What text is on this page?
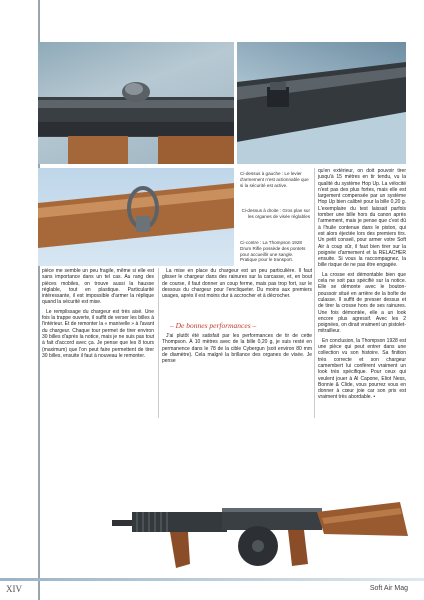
Ci-dessus à gauche : Le levier d'armement n'est actionnable que si la sécurité est active.
Ci-dessus à droite : Gros plan sur les organes de visée réglables
Ci-contre : La Thompson 1928 Drum Rifle possède des pontets pour accueillir une sangle. Pratique pour le transport.

pièce me semble un peu fragile, même si elle est sans importance dans un tel cas. Au rang des pièces mobiles, on trouve aussi la hausse réglable, tout en plastique. Particularité intéressante, il est impossible d'armer la réplique quand la sécurité est mise.

Le remplissage du chargeur est très aisé. Une fois la trappe ouverte, il suffit de verser les billes à l'intérieur. Et de remonter la « manivelle » à l'avant du chargeur. Chaque tour permet de tirer environ 30 billes d'après la notice, mais je ne suis pas tout à fait d'accord avec ça. Je pense que les 8 tours (maximum) que l'on peut faire permettent de tirer 30 billes, ensuite il faut à nouveau le remonter.

La mise en place du chargeur est un peu particulière. Il faut glisser le chargeur dans des rainures sur la carcasse, et, en bout de course, il faut donner un coup ferme, mais pas trop fort, sur le dessous du chargeur pour l'encliqueter. Du moins aux premiers usages, après il est moins dur à accrocher et à décrocher.

– De bonnes performances –

J'ai plutôt été satisfait par les performances de tir de cette Thompson. À 10 mètres avec de la bille 0,20 g, je suis resté en permanence dans le 78 de la cible Cybergun (soit environ 80 mm de diamètre). Cela malgré la brillance des organes de visée. Je pense

qu'en extérieur, on doit pouvoir tirer jusqu'à 15 mètres en tir tendu, vu la qualité du système Hop Up. La vélocité n'est pas des plus fortes, mais elle est largement compensée par un système Hop Up bien calibré pour la bille 0,20 g. L'exemplaire du test laissait parfois tomber une bille hors du canon après l'armement, mais je pense que c'est dû à l'huile contenue dans le piston, qui est alors éjectée lors des premiers tirs. Un petit conseil, pour armer votre Soft Air à coup sûr, il faut bien tirer sur la poignée d'armement et la RELACHER ensuite. Si vous la raccompagnez, la bille risque de ne pas être engagée.

La crosse est démontable bien que cela ne soit pas spécifié sur la notice. Elle se démonte avec le bouton-poussoir situé en arrière de la boîte de culasse. Il suffit de presser dessus et de tirer la crosse hors de ses rainures. Une fois démontée, elle a un look encore plus agressif. Avec les 2 poignées, on dirait vraiment un pistolet-mitrailleur.

En conclusion, la Thompson 1928 est une pièce qui peut entrer dans une collection vu son histoire. Sa finition très correcte et son chargeur camembert lui confèrent vraiment un look très spécifique. Pour ceux qui veulent jouer à Al Capone, Eliot Ness, Bonnie & Clide, vous pourrez vous en donner à cœur joie car son prix est vraiment très abordable. •

XIV	Soft Air Mag
